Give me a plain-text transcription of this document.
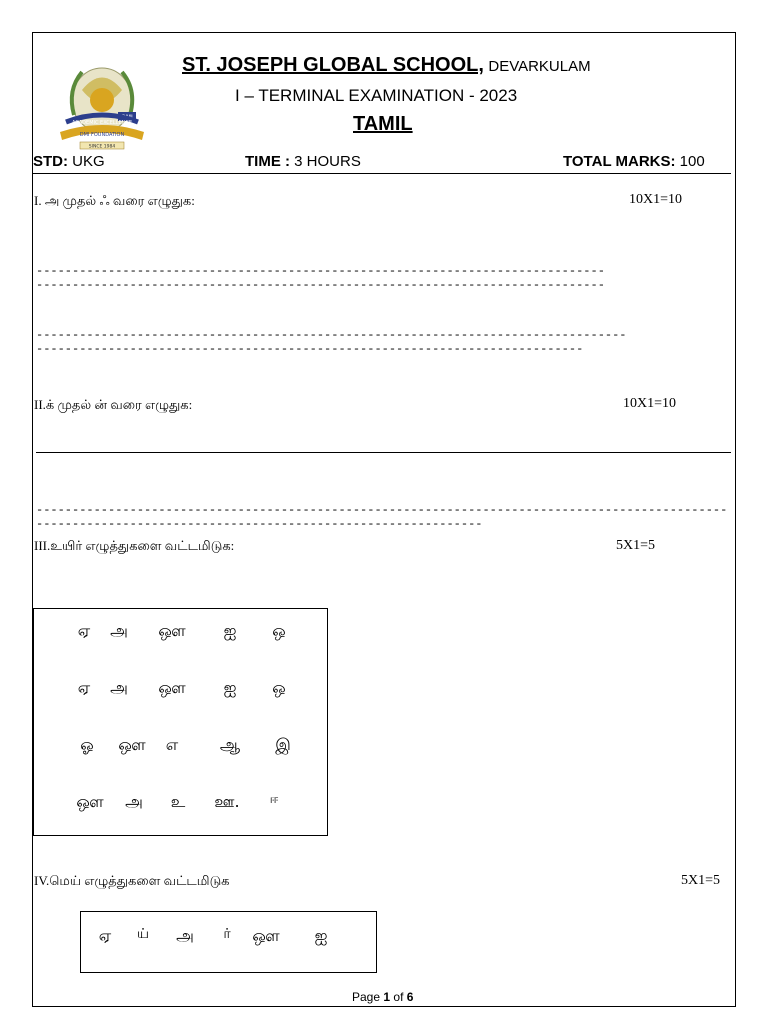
DMI
ACADEMIC EXCELLENCE
DMI FOUNDATION
SINCE 1984
ST. JOSEPH GLOBAL SCHOOL, DEVARKULAM
I – TERMINAL EXAMINATION - 2023
TAMIL
STD: UKG	TIME : 3 HOURS	TOTAL MARKS: 100
I. அ முதல் ஃ வரை எழுதுக:	10X1=10
--------------------------------------------------------------------------------------------------------------------------------------------------------------
--------------------------------------------------------------------------------------------------------------------------------------------------------------
II.க் முதல் ன் வரை எழுதுக:	10X1=10
--------------------------------------------------------------------------------------------------------------------------------------------------------------
III.உயிர் எழுத்துகளை வட்டமிடுக:	5X1=5
ஏ அ ஔ ஐ ஒ
ஏ அ ஔ ஐ ஒ
ஓ ஔ எ	ஆ இ
ஔ அ உ ஊ.	ஈ
IV.மெய் எழுத்துகளை வட்டமிடுக	5X1=5
ஏ ய் அ ர் ஔ ஐ
Page 1 of 6
